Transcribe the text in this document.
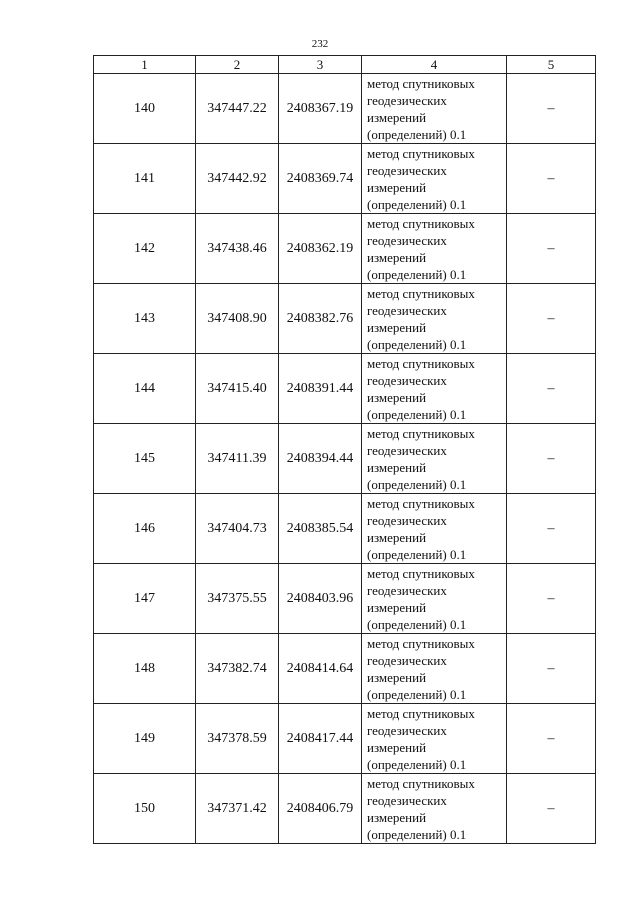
232
1	2	3	4	5
140	347447.22	2408367.19	метод спутниковых
геодезических
измерений
(определений) 0.1	–
141	347442.92	2408369.74	метод спутниковых
геодезических
измерений
(определений) 0.1	–
142	347438.46	2408362.19	метод спутниковых
геодезических
измерений
(определений) 0.1	–
143	347408.90	2408382.76	метод спутниковых
геодезических
измерений
(определений) 0.1	–
144	347415.40	2408391.44	метод спутниковых
геодезических
измерений
(определений) 0.1	–
145	347411.39	2408394.44	метод спутниковых
геодезических
измерений
(определений) 0.1	–
146	347404.73	2408385.54	метод спутниковых
геодезических
измерений
(определений) 0.1	–
147	347375.55	2408403.96	метод спутниковых
геодезических
измерений
(определений) 0.1	–
148	347382.74	2408414.64	метод спутниковых
геодезических
измерений
(определений) 0.1	–
149	347378.59	2408417.44	метод спутниковых
геодезических
измерений
(определений) 0.1	–
150	347371.42	2408406.79	метод спутниковых
геодезических
измерений
(определений) 0.1	–
